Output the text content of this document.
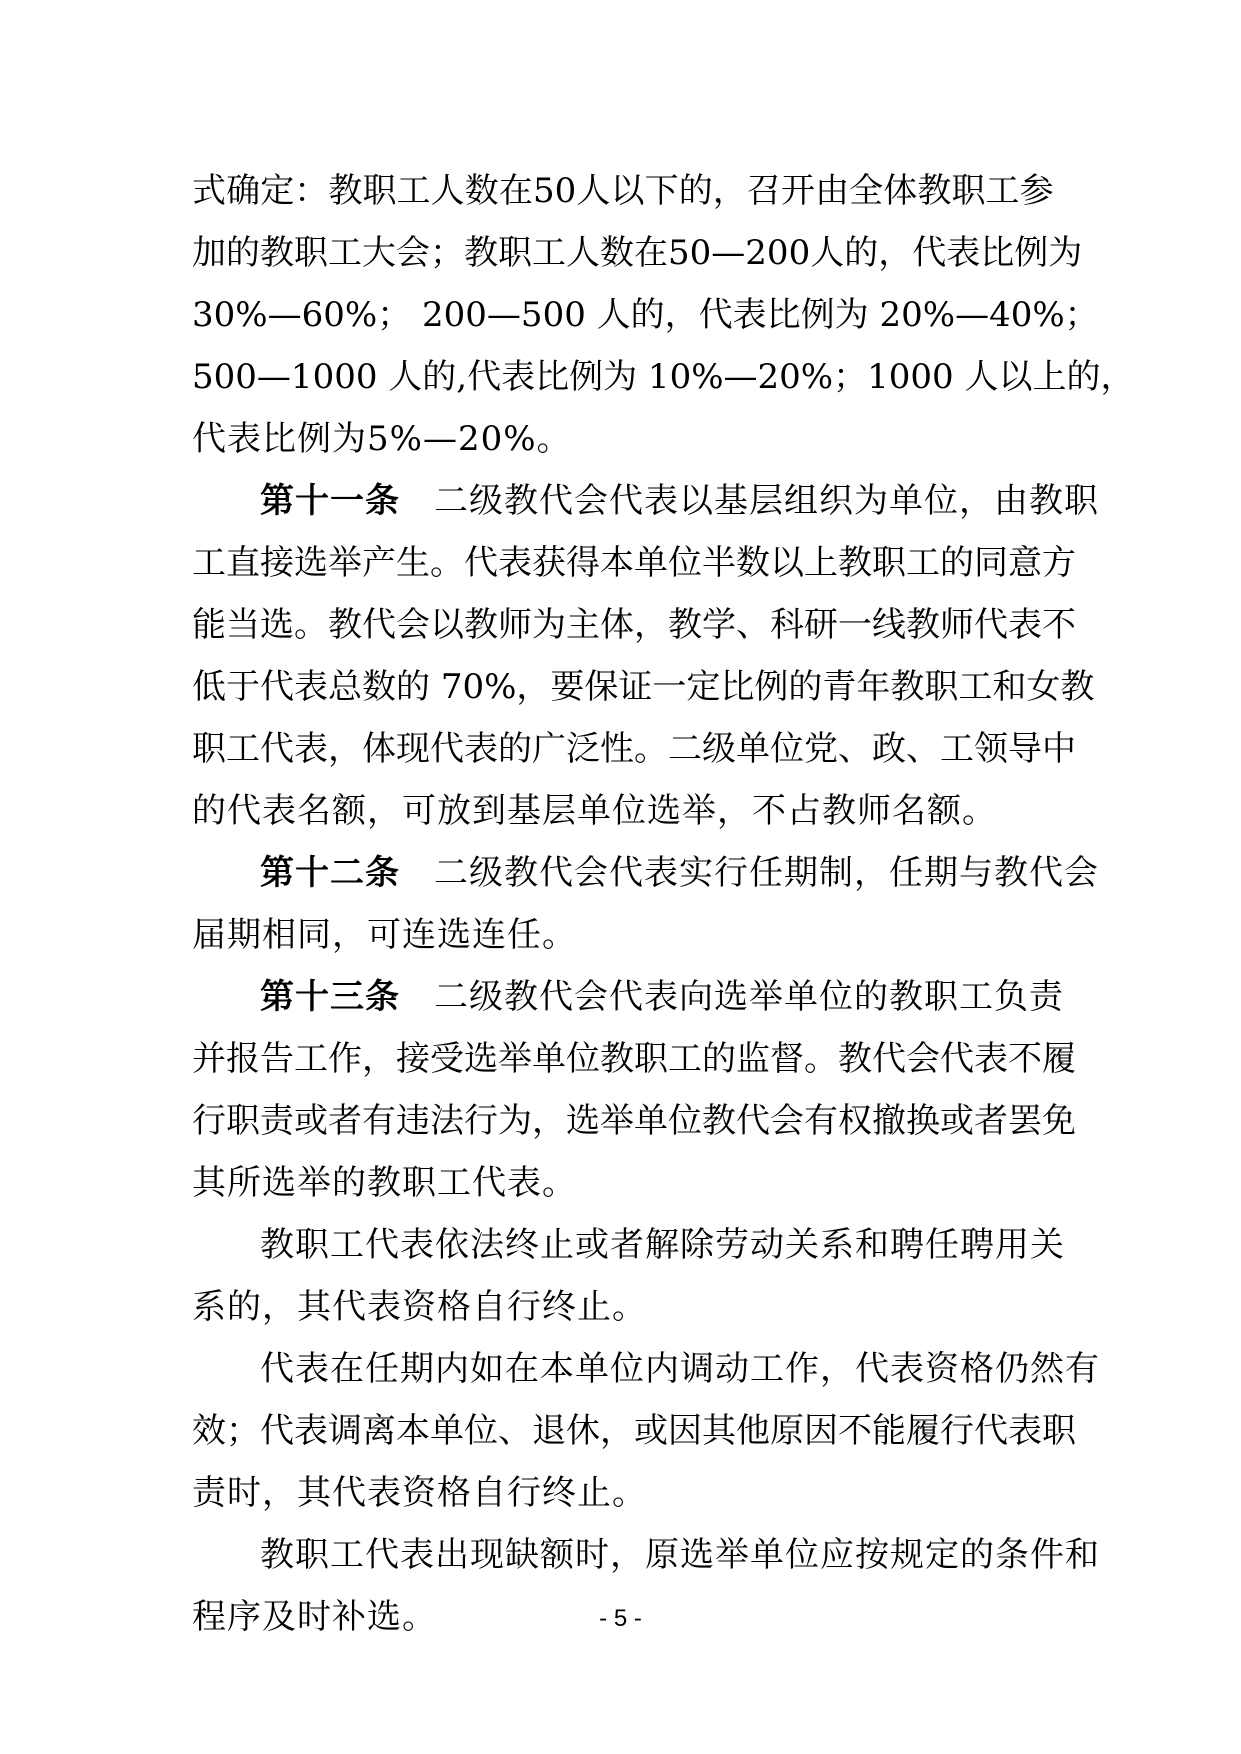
式 确 定 ： 教 职 工 人 数 在 5 0 人 以 下 的 ， 召 开 由 全 体 教 职 工 参
加 的 教 职 工 大 会 ； 教 职 工 人 数 在 5 0 — 2 0 0 人 的 ， 代 表 比 例 为
3 0 % — 6 0 % ；
2 0 0 — 5 0 0
人 的 ， 代 表 比 例 为
2 0 % — 4 0 % ；
5 0 0 — 1 0 0 0
人 的 , 代 表 比 例 为
1 0 % — 2 0 % ； 1 0 0 0
人 以 上 的 ，
代表比例为5%—20%。
第十一条 二级教代会代表以基层组织为单位，由教职
工 直 接 选 举 产 生 。 代 表 获 得 本 单 位 半 数 以 上 教 职 工 的 同 意 方
能 当 选 。 教 代 会 以 教 师 为 主 体 ， 教 学 、 科 研 一 线 教 师 代 表 不
低 于 代 表 总 数 的
7 0 % ， 要 保 证 一 定 比 例 的 青 年 教 职 工 和 女 教
职 工 代 表 ， 体 现 代 表 的 广 泛 性 。 二 级 单 位 党 、 政 、 工 领 导 中
的代表名额，可放到基层单位选举，不占教师名额。
第十二条 二级教代会代表实行任期制，任期与教代会
届期相同，可连选连任。
第十三条 二级教代会代表向选举单位的教职工负责
并 报 告 工 作 ， 接 受 选 举 单 位 教 职 工 的 监 督 。 教 代 会 代 表 不 履
行 职 责 或 者 有 违 法 行 为 ， 选 举 单 位 教 代 会 有 权 撤 换 或 者 罢 免
其所选举的教职工代表。
教职工代表依法终止或者解除劳动关系和聘任聘用关
系的，其代表资格自行终止。
代表在任期内如在本单位内调动工作，代表资格仍然有
效 ； 代 表 调 离 本 单 位 、 退 休 ， 或 因 其 他 原 因 不 能 履 行 代 表 职
责时，其代表资格自行终止。
教职工代表出现缺额时，原选举单位应按规定的条件和
程序及时补选。	- 5 -
